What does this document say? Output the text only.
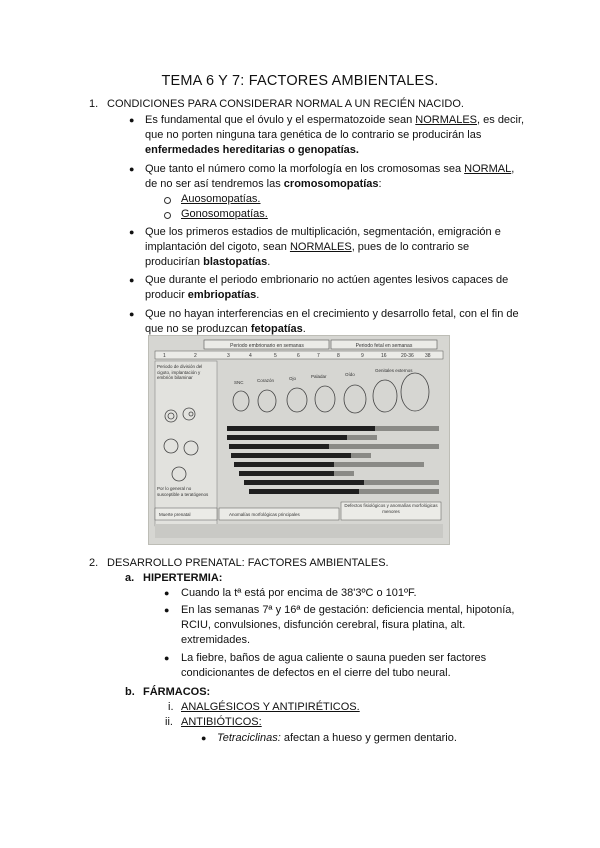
TEMA 6 Y 7: FACTORES AMBIENTALES.
1. CONDICIONES PARA CONSIDERAR NORMAL A UN RECIÉN NACIDO.
● Es fundamental que el óvulo y el espermatozoide sean NORMALES, es decir,
que no porten ninguna tara genética de lo contrario se producirán las
enfermedades hereditarias o genopatías.
● Que tanto el número como la morfología en los cromosomas sea NORMAL,
de no ser así tendremos las cromosomopatías:
Auosomopatías.
Gonosomopatías.
● Que los primeros estadios de multiplicación, segmentación, emigración e
implantación del cigoto, sean NORMALES, pues de lo contrario se
producirían blastopatías.
● Que durante el periodo embrionario no actúen agentes lesivos capaces de
producir embriopatías.
● Que no hayan interferencias en el crecimiento y desarrollo fetal, con el fin de
que no se produzcan fetopatías.
Periodo embrionario en semanas	Periodo fetal en semanas
1	2	3	4	5	6	7	8	9	16	20-36 38
Periodo de división del cigoto, implantación y embrión bilaminar
Por lo general no susceptible a teratógenos
SNC	Corazón	Ojo	Paladar	Oído
Genitales externos
Muerte prenatal	Anomalías morfológicas principales
Defectos fisiológicos y anomalías morfológicas menores
2. DESARROLLO PRENATAL: FACTORES AMBIENTALES.
a. HIPERTERMIA:
● Cuando la tª está por encima de 38'3ºC o 101ºF.
● En las semanas 7ª y 16ª de gestación: deficiencia mental, hipotonía,
RCIU, convulsiones, disfunción cerebral, fisura platina, alt.
extremidades.
● La fiebre, baños de agua caliente o sauna pueden ser factores
condicionantes de defectos en el cierre del tubo neural.
b. FÁRMACOS:
i. ANALGÉSICOS Y ANTIPIRÉTICOS.
ii. ANTIBIÓTICOS:
● Tetraciclinas: afectan a hueso y germen dentario.
